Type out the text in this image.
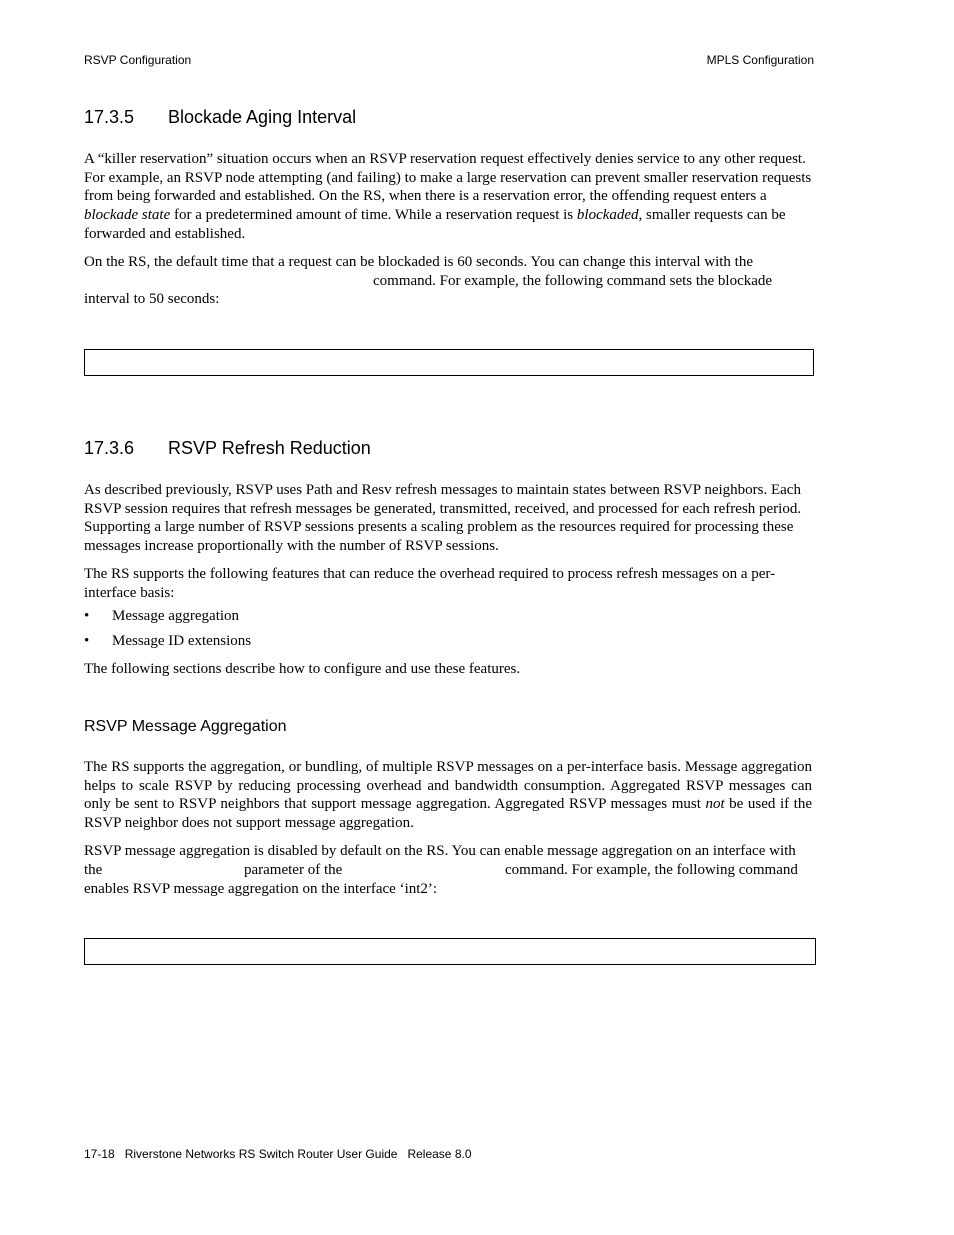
RSVP Configuration	MPLS Configuration
17.3.5 Blockade Aging Interval

A “killer reservation” situation occurs when an RSVP reservation request effectively denies service to any other request. For example, an RSVP node attempting (and failing) to make a large reservation can prevent smaller reservation requests from being forwarded and established. On the RS, when there is a reservation error, the offending request enters a blockade state for a predetermined amount of time. While a reservation request is blockaded, smaller requests can be forwarded and established.

On the RS, the default time that a request can be blockaded is 60 seconds. You can change this interval with the
command. For example, the following command sets the blockade
interval to 50 seconds:
17.3.6 RSVP Refresh Reduction

As described previously, RSVP uses Path and Resv refresh messages to maintain states between RSVP neighbors. Each RSVP session requires that refresh messages be generated, transmitted, received, and processed for each refresh period. Supporting a large number of RSVP sessions presents a scaling problem as the resources required for processing these messages increase proportionally with the number of RSVP sessions.

The RS supports the following features that can reduce the overhead required to process refresh messages on a per-interface basis:

• Message aggregation
• Message ID extensions

The following sections describe how to configure and use these features.

RSVP Message Aggregation

The RS supports the aggregation, or bundling, of multiple RSVP messages on a per-interface basis. Message aggregation helps to scale RSVP by reducing processing overhead and bandwidth consumption. Aggregated RSVP messages can only be sent to RSVP neighbors that support message aggregation. Aggregated RSVP messages must not be used if the RSVP neighbor does not support message aggregation.

RSVP message aggregation is disabled by default on the RS. You can enable message aggregation on an interface with
the	parameter of the	command. For example, the following command
enables RSVP message aggregation on the interface ‘int2’:
17-18   Riverstone Networks RS Switch Router User Guide   Release 8.0
